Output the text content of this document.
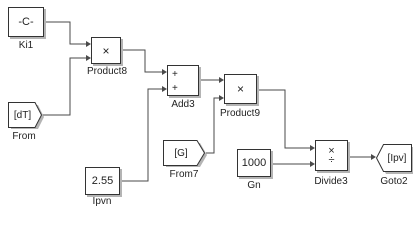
-C-
Ki1	×
Product8
[dT]
From
+
+
Add3
×
Product9
[G]
From7
2.55
Ipvn
1000
Gn
×
÷
Divide3
[Ipv]
Goto2
